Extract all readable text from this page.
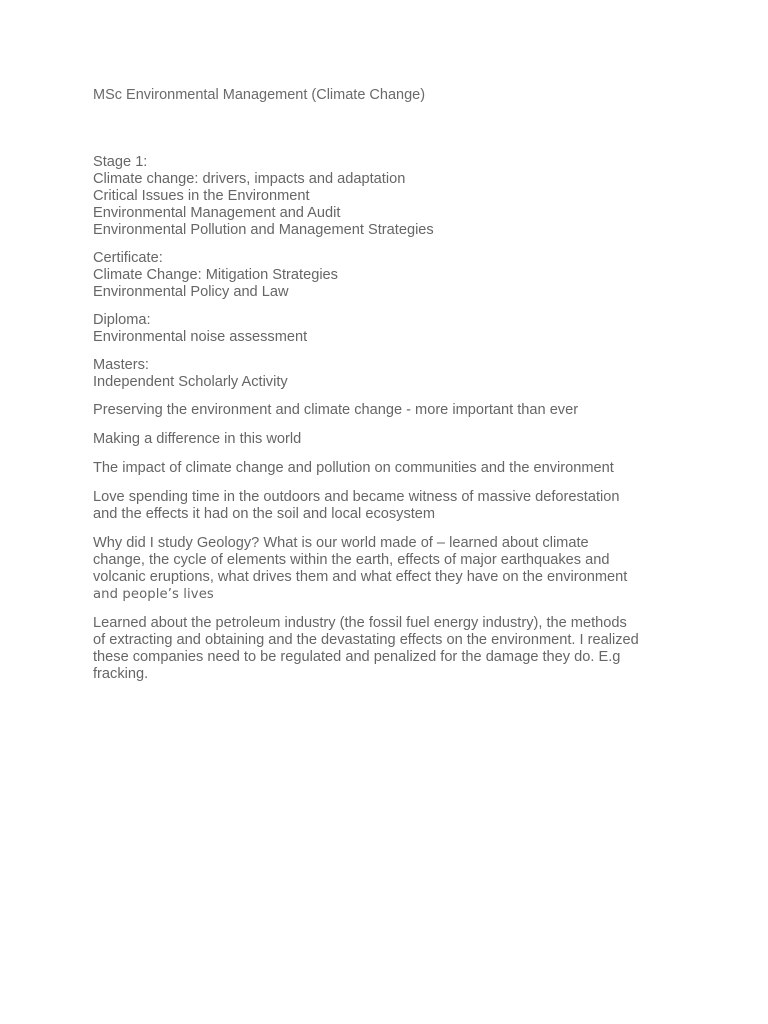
MSc Environmental Management (Climate Change)
Stage 1:
Climate change: drivers, impacts and adaptation
Critical Issues in the Environment
Environmental Management and Audit
Environmental Pollution and Management Strategies
Certificate:
Climate Change: Mitigation Strategies
Environmental Policy and Law
Diploma:
Environmental noise assessment
Masters:
Independent Scholarly Activity
Preserving the environment and climate change - more important than ever
Making a difference in this world
The impact of climate change and pollution on communities and the environment
Love spending time in the outdoors and became witness of massive deforestation
and the effects it had on the soil and local ecosystem
Why did I study Geology? What is our world made of – learned about climate
change, the cycle of elements within the earth, effects of major earthquakes and
volcanic eruptions, what drives them and what effect they have on the environment
and people’s lives
Learned about the petroleum industry (the fossil fuel energy industry), the methods
of extracting and obtaining and the devastating effects on the environment. I realized
these companies need to be regulated and penalized for the damage they do. E.g
fracking.
